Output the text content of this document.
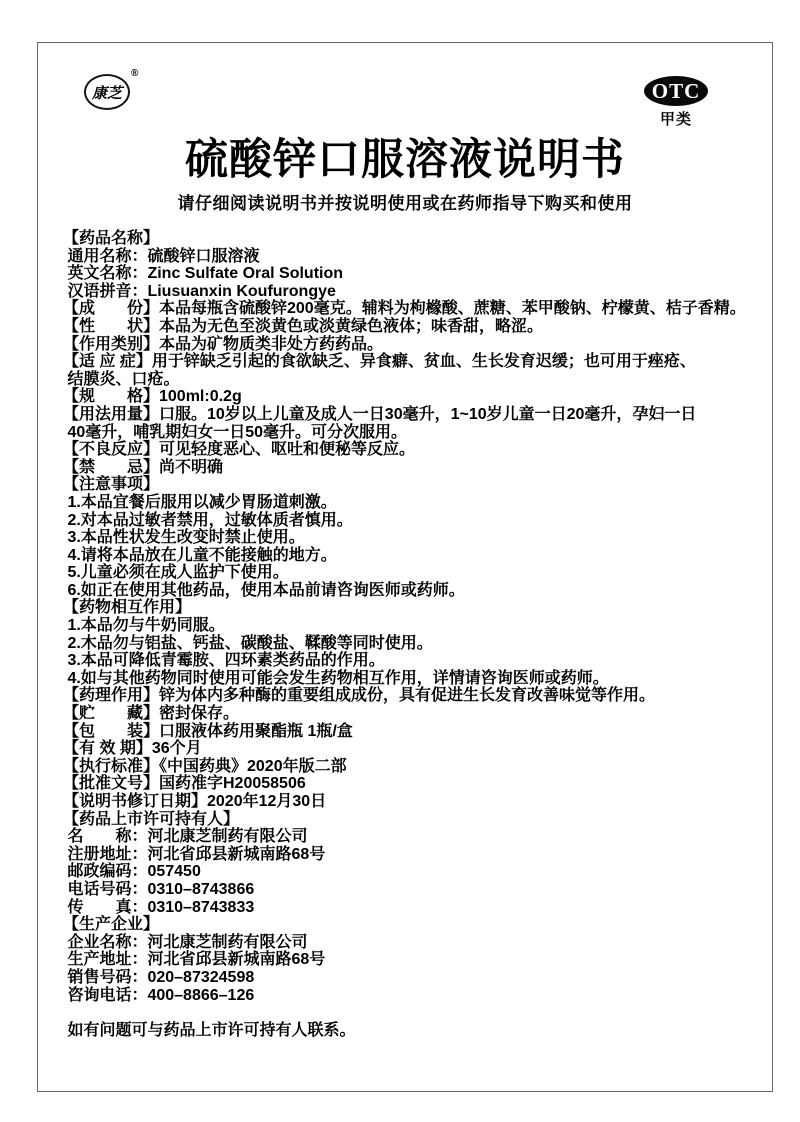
康芝
®
OTC
甲类
硫酸锌口服溶液说明书
请仔细阅读说明书并按说明使用或在药师指导下购买和使用
【药品名称】
通用名称：硫酸锌口服溶液
英文名称：Zinc Sulfate Oral Solution
汉语拼音：Liusuanxin Koufurongye
【成　　份】本品每瓶含硫酸锌200毫克。辅料为枸橼酸、蔗糖、苯甲酸钠、柠檬黄、桔子香精。
【性　　状】本品为无色至淡黄色或淡黄绿色液体；味香甜，略涩。
【作用类别】本品为矿物质类非处方药药品。
【适 应 症】用于锌缺乏引起的食欲缺乏、异食癖、贫血、生长发育迟缓；也可用于痤疮、
结膜炎、口疮。
【规　　格】100ml:0.2g
【用法用量】口服。10岁以上儿童及成人一日30毫升，1~10岁儿童一日20毫升，孕妇一日
40毫升，哺乳期妇女一日50毫升。可分次服用。
【不良反应】可见轻度恶心、呕吐和便秘等反应。
【禁　　忌】尚不明确
【注意事项】
1.本品宜餐后服用以减少胃肠道刺激。
2.对本品过敏者禁用，过敏体质者慎用。
3.本品性状发生改变时禁止使用。
4.请将本品放在儿童不能接触的地方。
5.儿童必须在成人监护下使用。
6.如正在使用其他药品，使用本品前请咨询医师或药师。
【药物相互作用】
1.本品勿与牛奶同服。
2.木品勿与铝盐、钙盐、碳酸盐、鞣酸等同时使用。
3.本品可降低青霉胺、四环素类药品的作用。
4.如与其他药物同时使用可能会发生药物相互作用，详情请咨询医师或药师。
【药理作用】锌为体内多种酶的重要组成成份，具有促进生长发育改善味觉等作用。
【贮　　藏】密封保存。
【包　　装】口服液体药用聚酯瓶 1瓶/盒
【有 效 期】36个月
【执行标准】《中国药典》2020年版二部
【批准文号】国药准字H20058506
【说明书修订日期】2020年12月30日
【药品上市许可持有人】
名　　称：河北康芝制药有限公司
注册地址：河北省邱县新城南路68号
邮政编码：057450
电话号码：0310–8743866
传　　真：0310–8743833
【生产企业】
企业名称：河北康芝制药有限公司
生产地址：河北省邱县新城南路68号
销售号码：020–87324598
咨询电话：400–8866–126

如有问题可与药品上市许可持有人联系。
